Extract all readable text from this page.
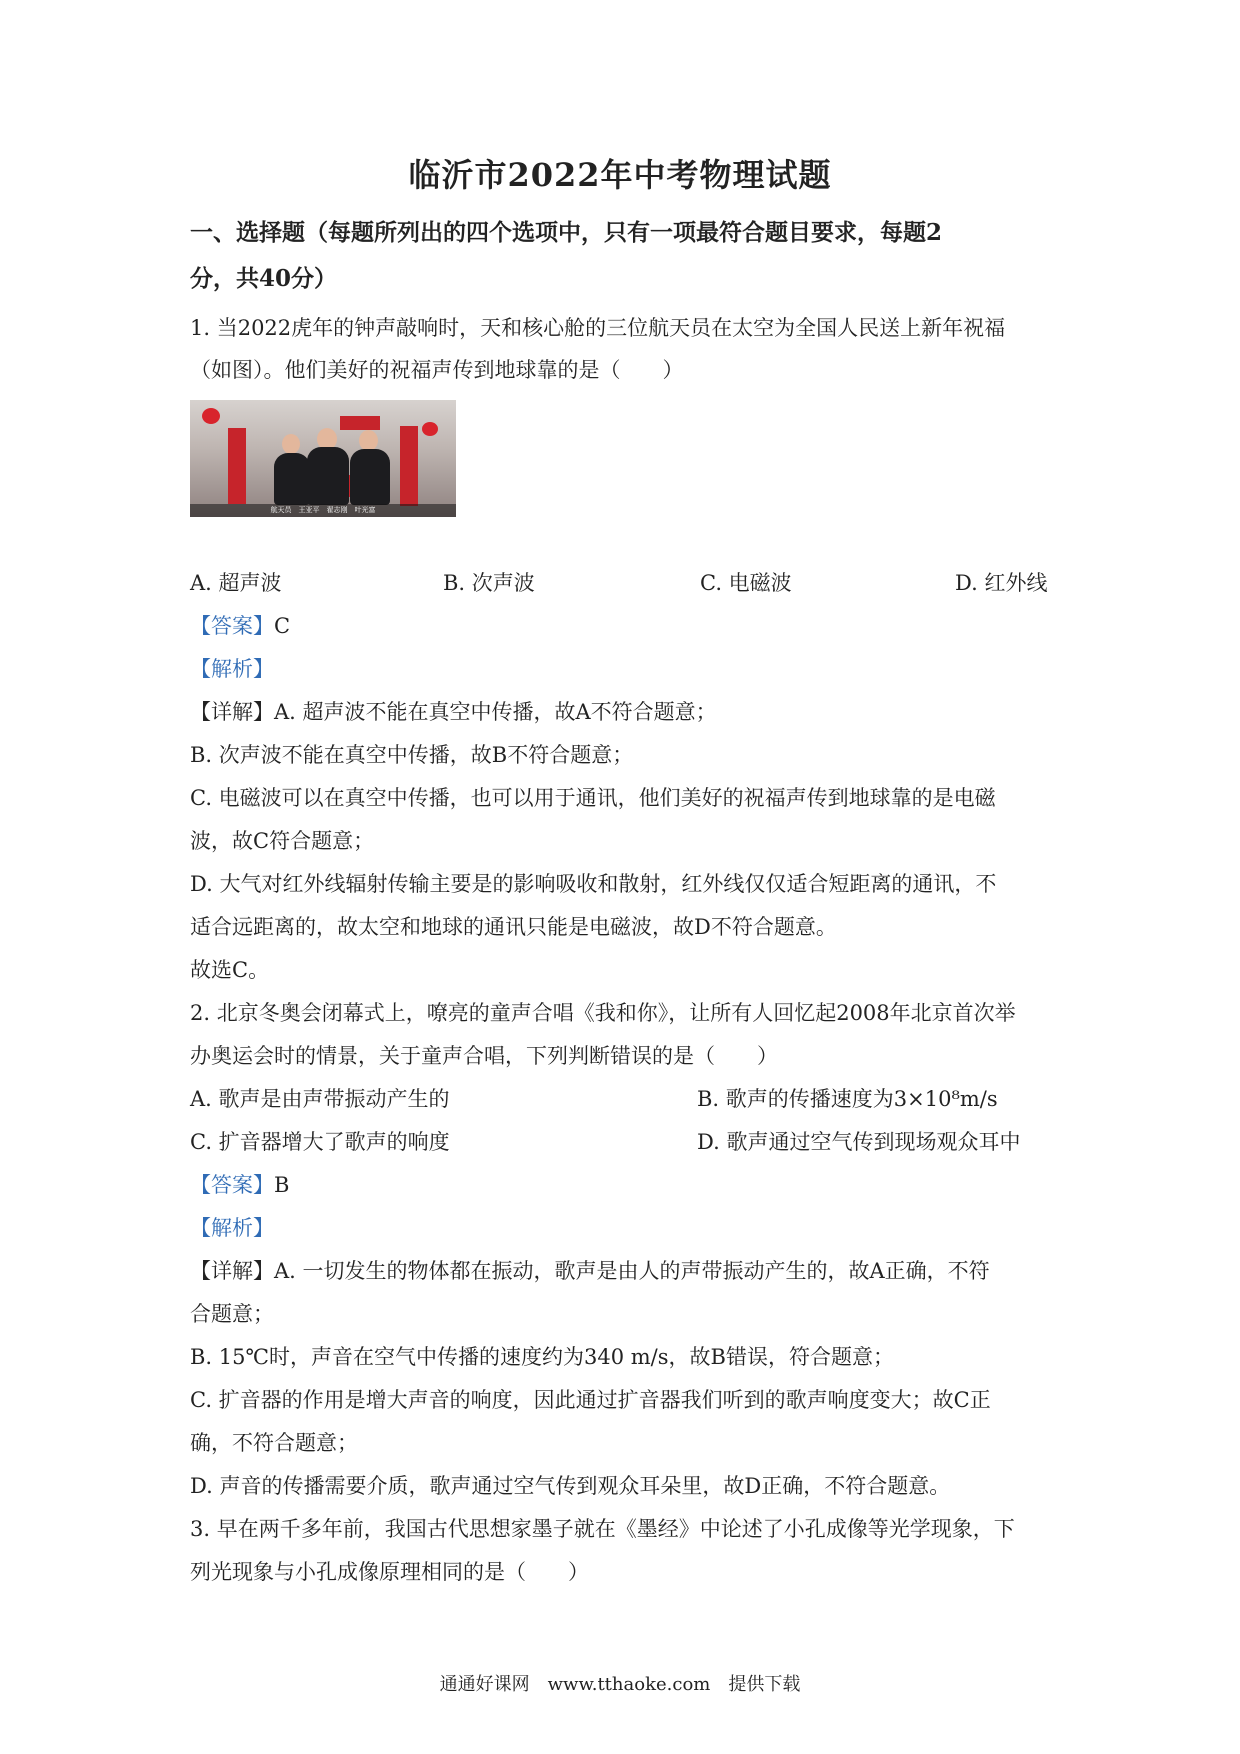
临沂市2022年中考物理试题
一、选择题（每题所列出的四个选项中，只有一项最符合题目要求，每题2
分，共40分）
1. 当2022虎年的钟声敲响时，天和核心舱的三位航天员在太空为全国人民送上新年祝福
（如图）。他们美好的祝福声传到地球靠的是（　　）
航天员　王亚平　翟志刚　叶光富
A. 超声波	B. 次声波	C. 电磁波	D. 红外线
【答案】C
【解析】
【详解】A. 超声波不能在真空中传播，故A不符合题意；
B. 次声波不能在真空中传播，故B不符合题意；
C. 电磁波可以在真空中传播，也可以用于通讯，他们美好的祝福声传到地球靠的是电磁
波，故C符合题意；
D. 大气对红外线辐射传输主要是的影响吸收和散射，红外线仅仅适合短距离的通讯，不
适合远距离的，故太空和地球的通讯只能是电磁波，故D不符合题意。
故选C。
2. 北京冬奥会闭幕式上，嘹亮的童声合唱《我和你》，让所有人回忆起2008年北京首次举
办奥运会时的情景，关于童声合唱，下列判断错误的是（　　）
A. 歌声是由声带振动产生的	B. 歌声的传播速度为3×10⁸m/s
C. 扩音器增大了歌声的响度	D. 歌声通过空气传到现场观众耳中
【答案】B
【解析】
【详解】A. 一切发生的物体都在振动，歌声是由人的声带振动产生的，故A正确，不符
合题意；
B. 15℃时，声音在空气中传播的速度约为340 m/s，故B错误，符合题意；
C. 扩音器的作用是增大声音的响度，因此通过扩音器我们听到的歌声响度变大；故C正
确，不符合题意；
D. 声音的传播需要介质，歌声通过空气传到观众耳朵里，故D正确，不符合题意。
3. 早在两千多年前，我国古代思想家墨子就在《墨经》中论述了小孔成像等光学现象，下
列光现象与小孔成像原理相同的是（　　）
通通好课网　www.tthaoke.com　提供下载
